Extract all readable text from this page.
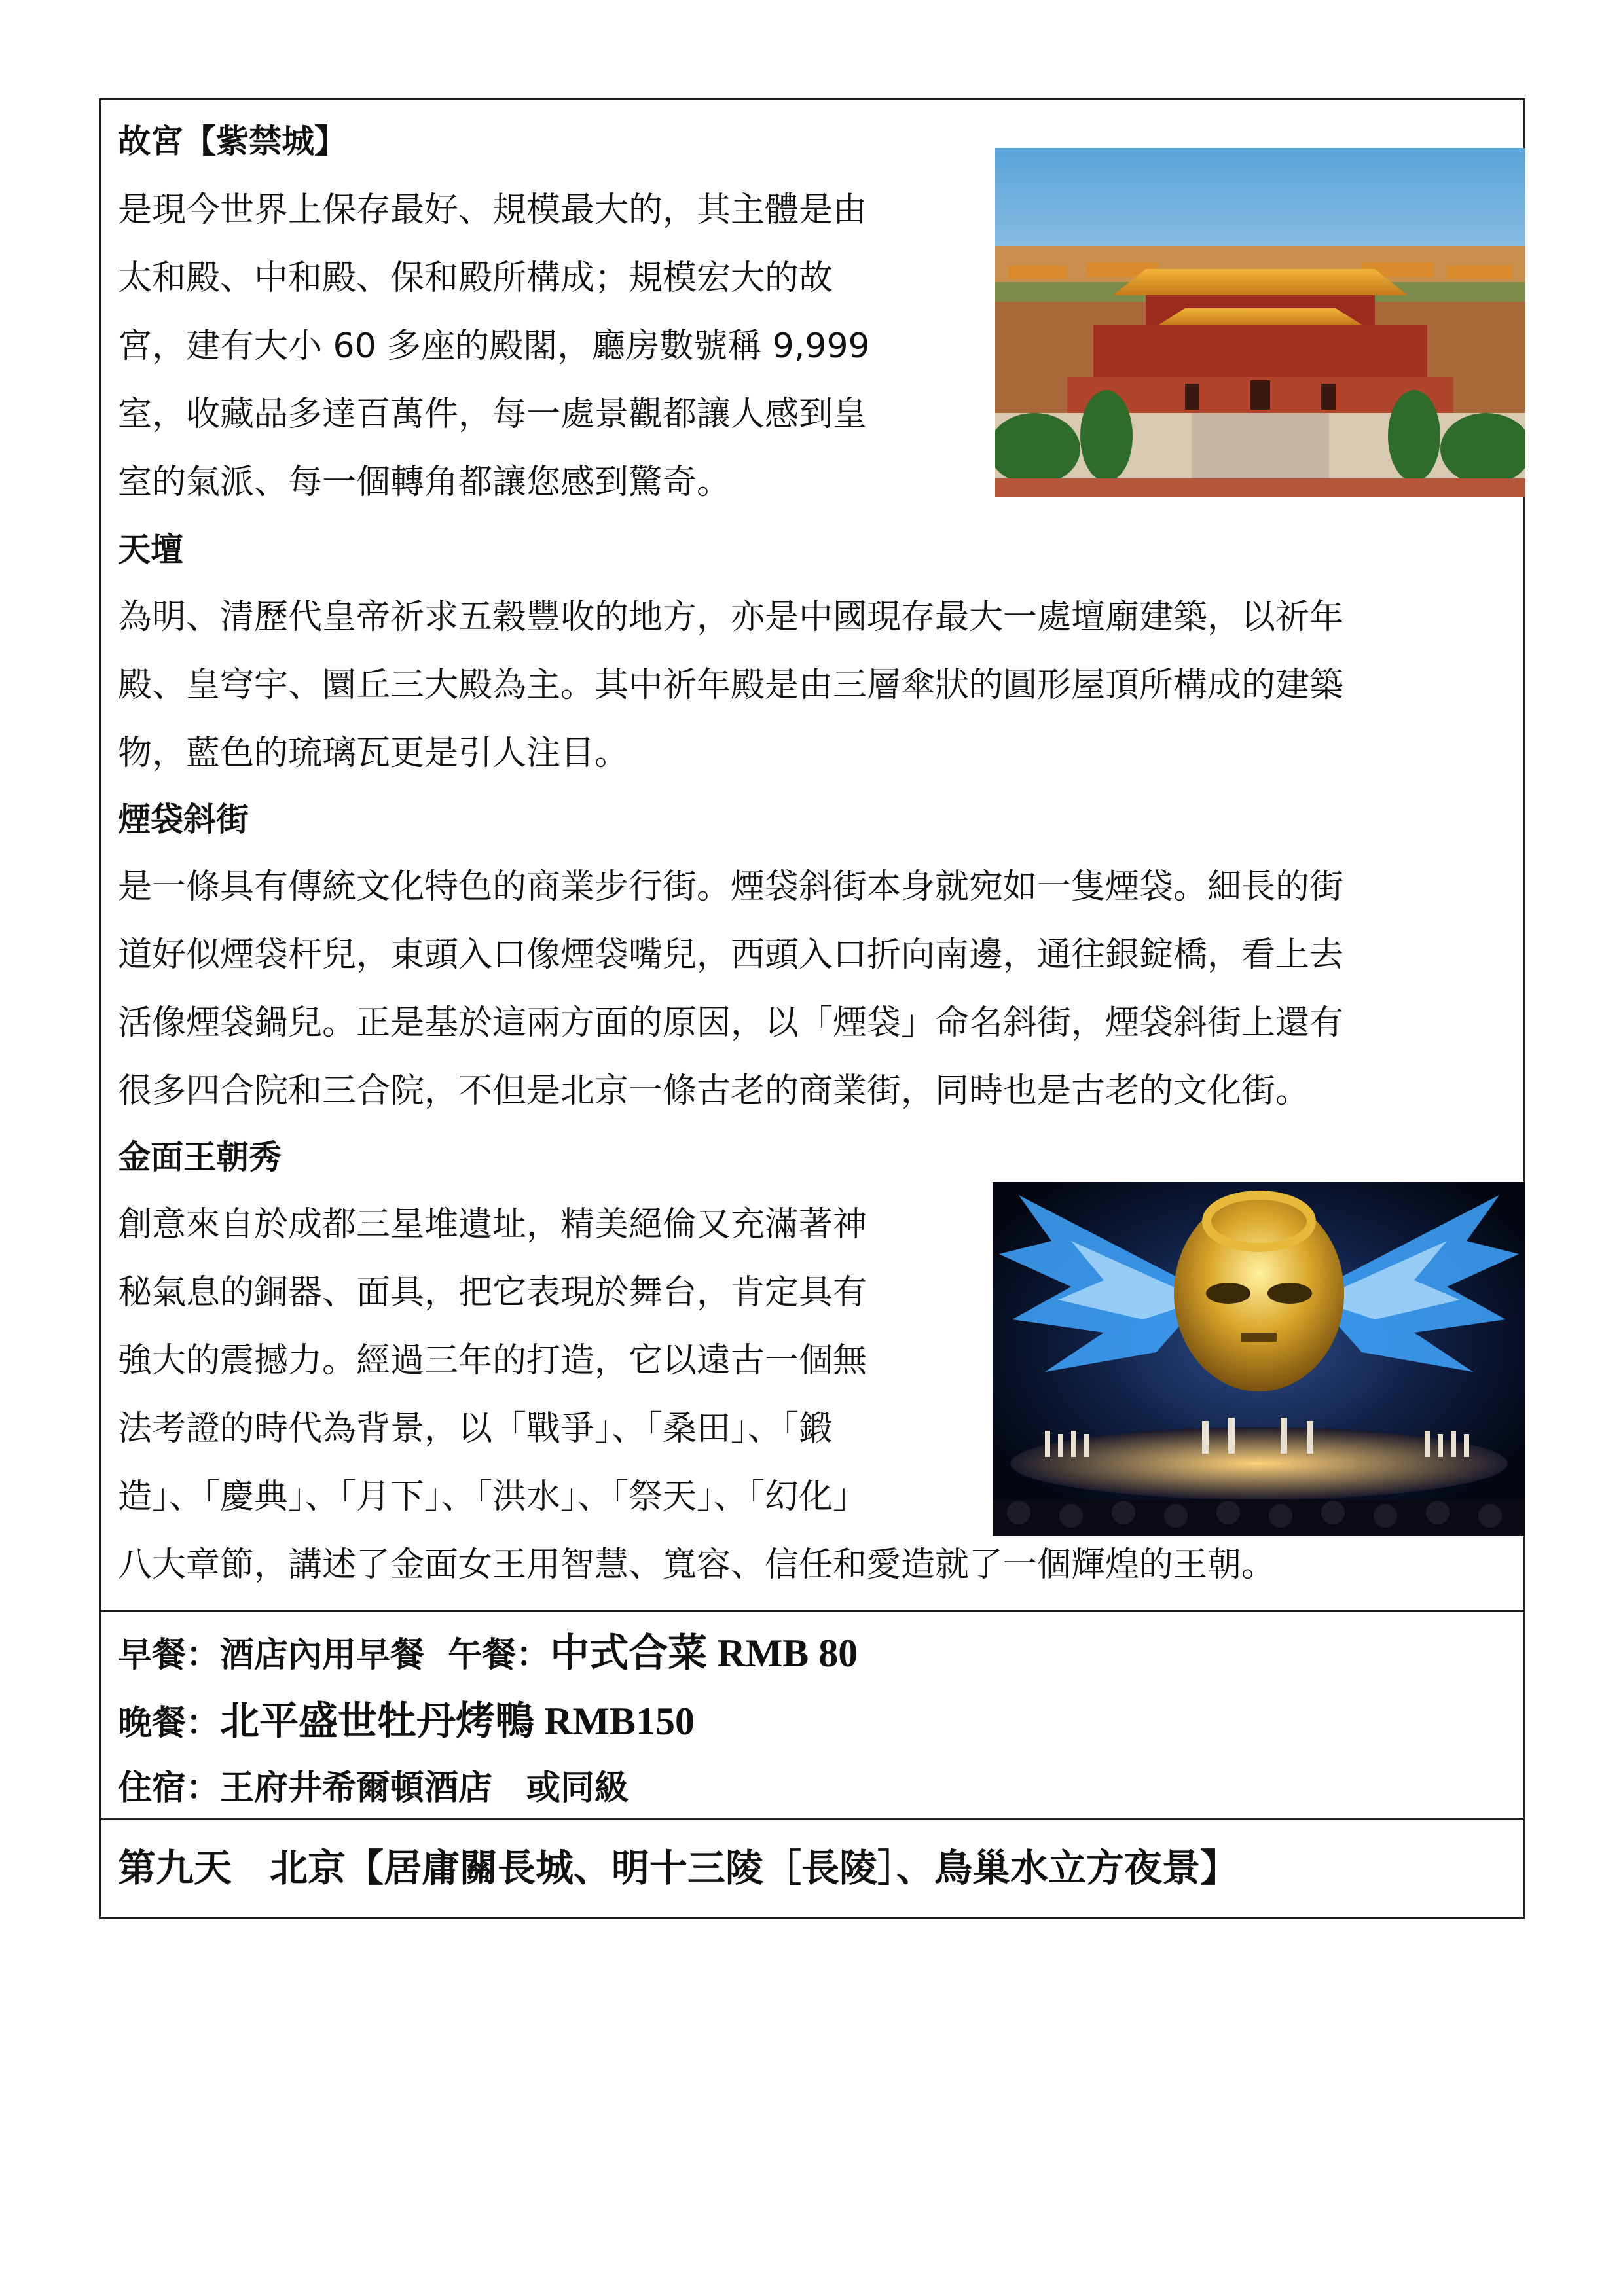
故宮【紫禁城】
是現今世界上保存最好、規模最大的，其主體是由
太和殿、中和殿、保和殿所構成；規模宏大的故
宮，建有大小 60 多座的殿閣，廳房數號稱 9,999
室，收藏品多達百萬件，每一處景觀都讓人感到皇
室的氣派、每一個轉角都讓您感到驚奇。
天壇
為明、清歷代皇帝祈求五穀豐收的地方，亦是中國現存最大一處壇廟建築，以祈年
殿、皇穹宇、圜丘三大殿為主。其中祈年殿是由三層傘狀的圓形屋頂所構成的建築
物，藍色的琉璃瓦更是引人注目。
煙袋斜街
是一條具有傳統文化特色的商業步行街。煙袋斜街本身就宛如一隻煙袋。細長的街
道好似煙袋杆兒，東頭入口像煙袋嘴兒，西頭入口折向南邊，通往銀錠橋，看上去
活像煙袋鍋兒。正是基於這兩方面的原因，以「煙袋」命名斜街，煙袋斜街上還有
很多四合院和三合院，不但是北京一條古老的商業街，同時也是古老的文化街。
金面王朝秀
創意來自於成都三星堆遺址，精美絕倫又充滿著神
秘氣息的銅器、面具，把它表現於舞台，肯定具有
強大的震撼力。經過三年的打造，它以遠古一個無
法考證的時代為背景，以「戰爭」、「桑田」、「鍛
造」、「慶典」、「月下」、「洪水」、「祭天」、「幻化」
八大章節，講述了金面女王用智慧、寬容、信任和愛造就了一個輝煌的王朝。
早餐：酒店內用早餐 午餐：中式合菜 RMB 80
晚餐：北平盛世牡丹烤鴨 RMB150
住宿：王府井希爾頓酒店　或同級
第九天　北京【居庸關長城、明十三陵［長陵］、鳥巢水立方夜景】
